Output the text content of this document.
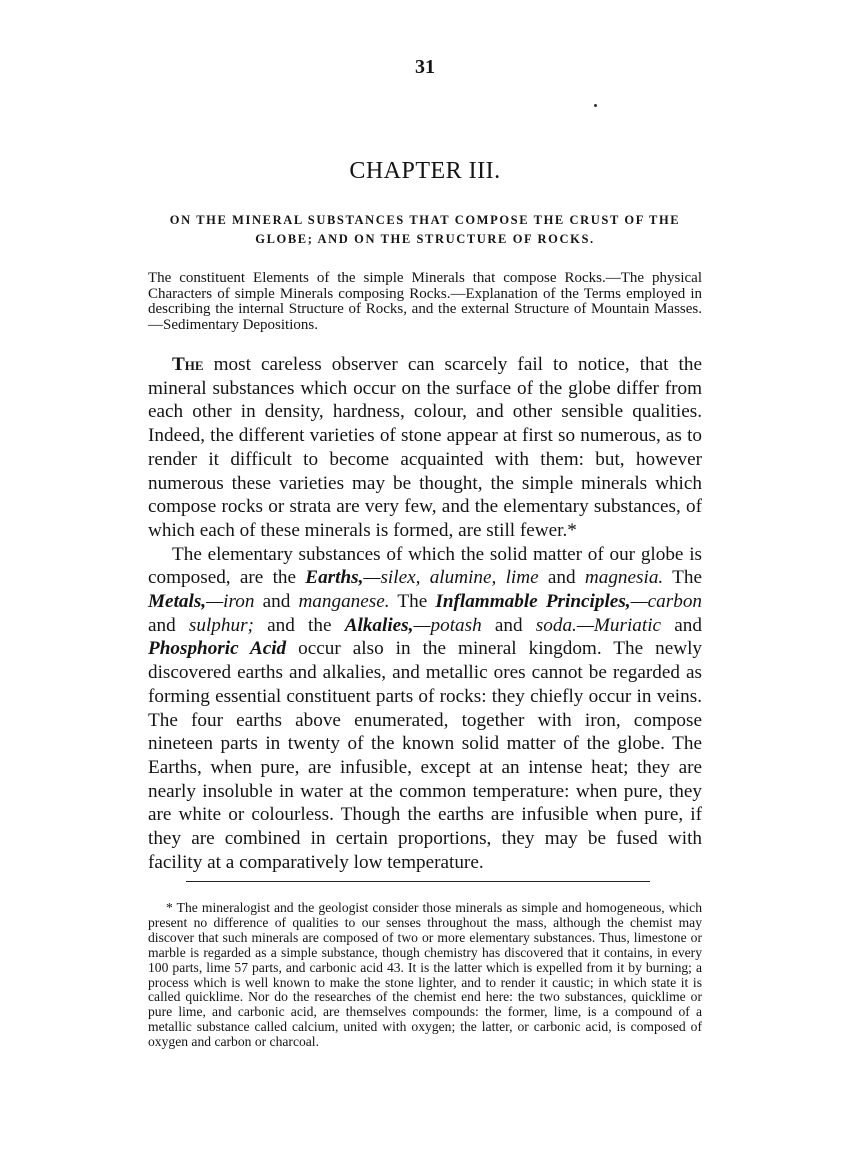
31
CHAPTER III.
ON THE MINERAL SUBSTANCES THAT COMPOSE THE CRUST OF THE GLOBE; AND ON THE STRUCTURE OF ROCKS.
The constituent Elements of the simple Minerals that compose Rocks.—The physical Characters of simple Minerals composing Rocks.—Explanation of the Terms employed in describing the internal Structure of Rocks, and the external Structure of Mountain Masses.—Sedimentary Depositions.

The most careless observer can scarcely fail to notice, that the mineral substances which occur on the surface of the globe differ from each other in density, hardness, colour, and other sensible qualities. Indeed, the different varieties of stone appear at first so numerous, as to render it difficult to become acquainted with them: but, however numerous these varieties may be thought, the simple minerals which compose rocks or strata are very few, and the elementary substances, of which each of these minerals is formed, are still fewer.*

The elementary substances of which the solid matter of our globe is composed, are the Earths,—silex, alumine, lime and magnesia. The Metals,—iron and manganese. The Inflammable Principles,—carbon and sulphur; and the Alkalies,—potash and soda.—Muriatic and Phosphoric Acid occur also in the mineral kingdom. The newly discovered earths and alkalies, and metallic ores cannot be regarded as forming essential constituent parts of rocks: they chiefly occur in veins. The four earths above enumerated, together with iron, compose nineteen parts in twenty of the known solid matter of the globe. The Earths, when pure, are infusible, except at an intense heat; they are nearly insoluble in water at the common temperature: when pure, they are white or colourless. Though the earths are infusible when pure, if they are combined in certain proportions, they may be fused with facility at a comparatively low temperature.

* The mineralogist and the geologist consider those minerals as simple and homogeneous, which present no difference of qualities to our senses throughout the mass, although the chemist may discover that such minerals are composed of two or more elementary substances. Thus, limestone or marble is regarded as a simple substance, though chemistry has discovered that it contains, in every 100 parts, lime 57 parts, and carbonic acid 43. It is the latter which is expelled from it by burning; a process which is well known to make the stone lighter, and to render it caustic; in which state it is called quicklime. Nor do the researches of the chemist end here: the two substances, quicklime or pure lime, and carbonic acid, are themselves compounds: the former, lime, is a compound of a metallic substance called calcium, united with oxygen; the latter, or carbonic acid, is composed of oxygen and carbon or charcoal.
